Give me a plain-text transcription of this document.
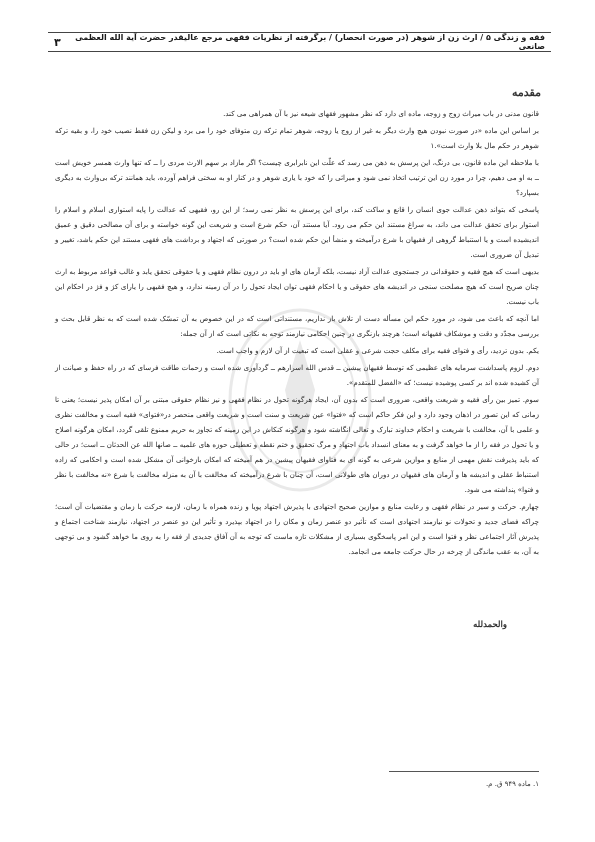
فقه و زندگی ۵ / ارث زن از شوهر (در صورت انحصار) / برگرفته از نظریات فقهی مرجع عالیقدر حضرت آیة الله العظمی صانعی
۳
مقدمه

قانون مدنی در باب میراث زوج و زوجه، ماده ای دارد که نظر مشهور فقهای شیعه نیز با آن همراهی می کند.

بر اساس این ماده «در صورت نبودن هیچ وارث دیگر به غیر از زوج یا زوجه، شوهر تمام ترکه زن متوفای خود را می برد و لیکن زن فقط نصیب خود را، و بقیه ترکه شوهر در حکم مال بلا وارث است».۱

با ملاحظه این ماده قانون، بی درنگ، این پرسش به ذهن می رسد که علّت این نابرابری چیست؟ اگر مازاد بر سهم الارث مردی را ــ که تنها وارث همسر خویش است ــ به او می دهیم، چرا در مورد زن این ترتیب اتخاذ نمی شود و میراثی را که خود با یاری شوهر و در کنار او به سختی فراهم آورده، باید همانند ترکه بی‌وارث به دیگری بسپارد؟

پاسخی که بتواند ذهن عدالت جوی انسان را قانع و ساکت کند، برای این پرسش به نظر نمی رسد؛ از این رو، فقیهی که عدالت را پایه استواری اسلام و اسلام را استوار برای تحقق عدالت می داند، به سراغ مستند این حکم می رود. آیا مستند آن، حکم شرع است و شریعت این گونه خواسته و برای آن مصالحی دقیق و عمیق اندیشیده است و یا استنباط گروهی از فقیهان با شرع درآمیخته و منشأ این حکم شده است؟ در صورتی که اجتهاد و برداشت های فقهی مستند این حکم باشد، تغییر و تبدیل آن ضروری است.

بدیهی است که هیچ فقیه و حقوقدانی در جستجوی عدالت آزاد نیست، بلکه آرمان های او باید در درون نظام فقهی و یا حقوقی تحقق یابد و غالب قواعد مربوط به ارث چنان صریح است که هیچ مصلحت سنجی در اندیشه های حقوقی و یا احکام فقهی توان ایجاد تحول را در آن زمینه ندارد، و هیچ فقیهی را یارای کژ و فژ در احکام این باب نیست.

اما آنچه که باعث می شود، در مورد حکم این مسأله دست از تلاش باز نداریم، مستنداتی است که در این خصوص به آن تمسّک شده است که به نظر قابل بحث و بررسی مجدّد و دقت و موشکاف فقیهانه است؛ هرچند بازنگری در چنین احکامی نیازمند توجه به نکاتی است که از آن جمله:

یکم. بدون تردید، رأی و فتوای فقیه برای مکلف حجت شرعی و عقلی است که تبعیت از آن لازم و واجب است.

دوم. لزوم پاسداشت سرمایه های عظیمی که توسط فقیهان پیشین ــ قدس الله اسرارهم ــ گردآوری شده است و زحمات طاقت فرسای که در راه حفظ و صیانت از آن کشیده شده اند بر کسی پوشیده نیست؛ که «الفضل للمتقدم».

سوم. تمیز بین رأی فقیه و شریعت واقعی، ضروری است که بدون آن، ایجاد هرگونه تحول در نظام فقهی و نیز نظام حقوقی مبتنی بر آن امکان پذیر نیست؛ یعنی تا زمانی که این تصور در اذهان وجود دارد و این فکر حاکم است که «فتوا» عین شریعت و سنت است و شریعت واقعی منحصر در«فتوای» فقیه است و مخالفت نظری و علمی با آن، مخالفت با شریعت و احکام خداوند تبارک و تعالی انگاشته شود و هرگونه کنکاش در این زمینه که تجاوز به حریم ممنوع تلقی گردد، امکان هرگونه اصلاح و یا تحول در فقه را از ما خواهد گرفت و به معنای انسداد باب اجتهاد و مرگ تحقیق و ختم نقطه و تعطیلی حوزه های علمیه ــ صانها الله عن الحدثان ــ است؛ در حالی که باید پذیرفت نقش مهمی از منابع و موازین شرعی به گونه ای به فتاوای فقیهان پیشین در هم آمیخته که امکان بازخوانی آن مشکل شده است و احکامی که زاده استنباط عقلی و اندیشه ها و آرمان های فقیهان در دوران های طولانی است، آن چنان با شرع درآمیخته که مخالفت با آن به منزله مخالفت با شرع «نه مخالفت با نظر و فتوا» پنداشته می شود.

چهارم. حرکت و سیر در نظام فقهی و رعایت منابع و موازین صحیح اجتهادی با پذیرش اجتهاد پویا و زنده همراه با زمان، لازمه حرکت با زمان و مقتضیات آن است؛ چراکه فضای جدید و تحولات نو نیازمند اجتهادی است که تأثیر دو عنصر زمان و مکان را در اجتهاد بپذیرد و تأثیر این دو عنصر در اجتهاد، نیازمند شناخت اجتماع و پذیرش آثار اجتماعی نظر و فتوا است و این امر پاسخگوی بسیاری از مشکلات تازه ماست که توجه به آن آفاق جدیدی از فقه را به روی ما خواهد گشود و بی توجهی به آن، به عقب ماندگی از چرخه در حال حرکت جامعه می انجامد.

والحمدلله
۱. ماده ۹۴۹ ق. م.
